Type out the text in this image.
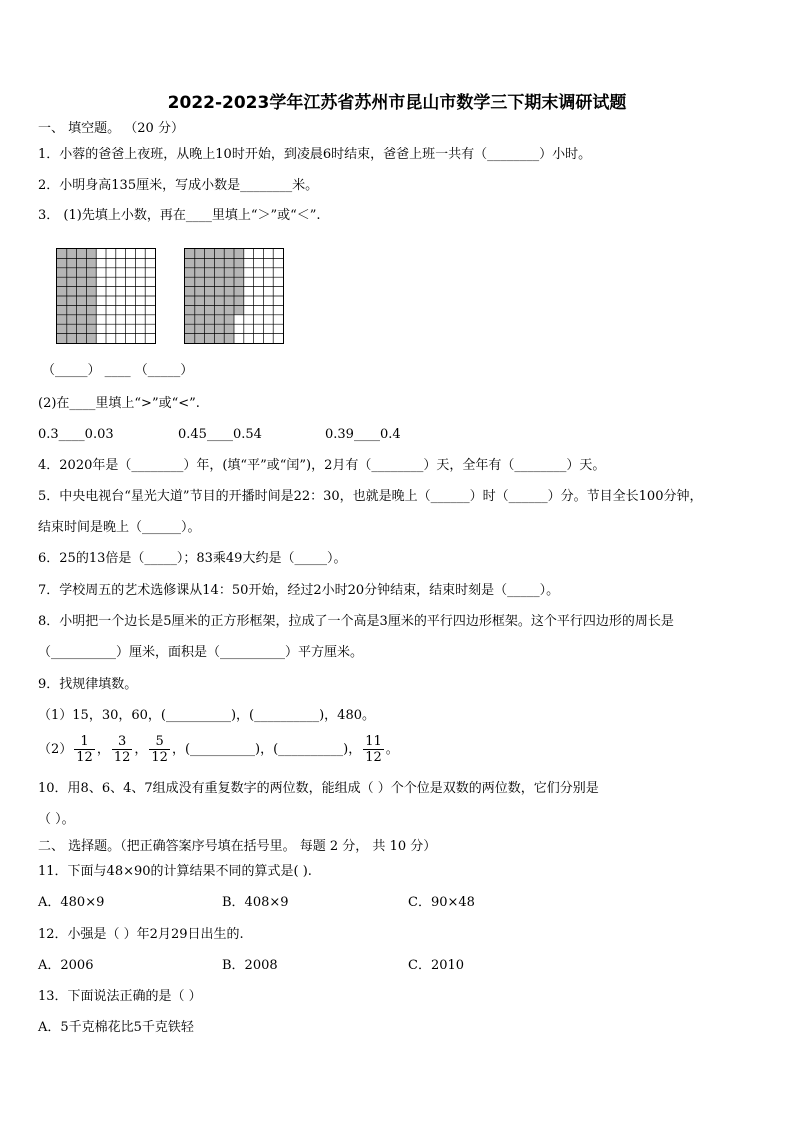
2022-2023学年江苏省苏州市昆山市数学三下期末调研试题
一、 填空题。 （20 分）
1．小蓉的爸爸上夜班，从晚上10时开始，到凌晨6时结束，爸爸上班一共有（________）小时。
2．小明身高135厘米，写成小数是________米。
3． (1)先填上小数，再在____里填上“＞”或“＜”.
（_____） ____ （_____）
(2)在____里填上“>”或“<”.
0.3____0.03	0.45____0.54	0.39____0.4
4．2020年是（________）年，(填“平”或“闰”)，2月有（________）天，全年有（________）天。
5．中央电视台“星光大道”节目的开播时间是22：30，也就是晚上（______）时（______）分。节目全长100分钟，
结束时间是晚上（______）。
6．25的13倍是（_____）；83乘49大约是（_____）。
7．学校周五的艺术选修课从14：50开始，经过2小时20分钟结束，结束时刻是（_____）。
8．小明把一个边长是5厘米的正方形框架，拉成了一个高是3厘米的平行四边形框架。这个平行四边形的周长是
（__________）厘米，面积是（__________）平方厘米。
9．找规律填数。
（1）15，30，60，(__________)，(__________)，480。
$(2) \frac{1}{12}$ ， $\frac{3}{12}$ ， $\frac{5}{12}$ ，(__________)，(__________)， $\frac{11}{12}$ 。
10．用8、6、4、7组成没有重复数字的两位数，能组成（ ）个个位是双数的两位数，它们分别是
（ ）。
二、 选择题。（把正确答案序号填在括号里。 每题 2 分， 共 10 分）
11．下面与48×90的计算结果不同的算式是( ).
A．480×9	B．408×9	C．90×48
12．小强是（ ）年2月29日出生的.
A．2006	B．2008	C．2010
13．下面说法正确的是（ ）
A．5千克棉花比5千克铁轻
